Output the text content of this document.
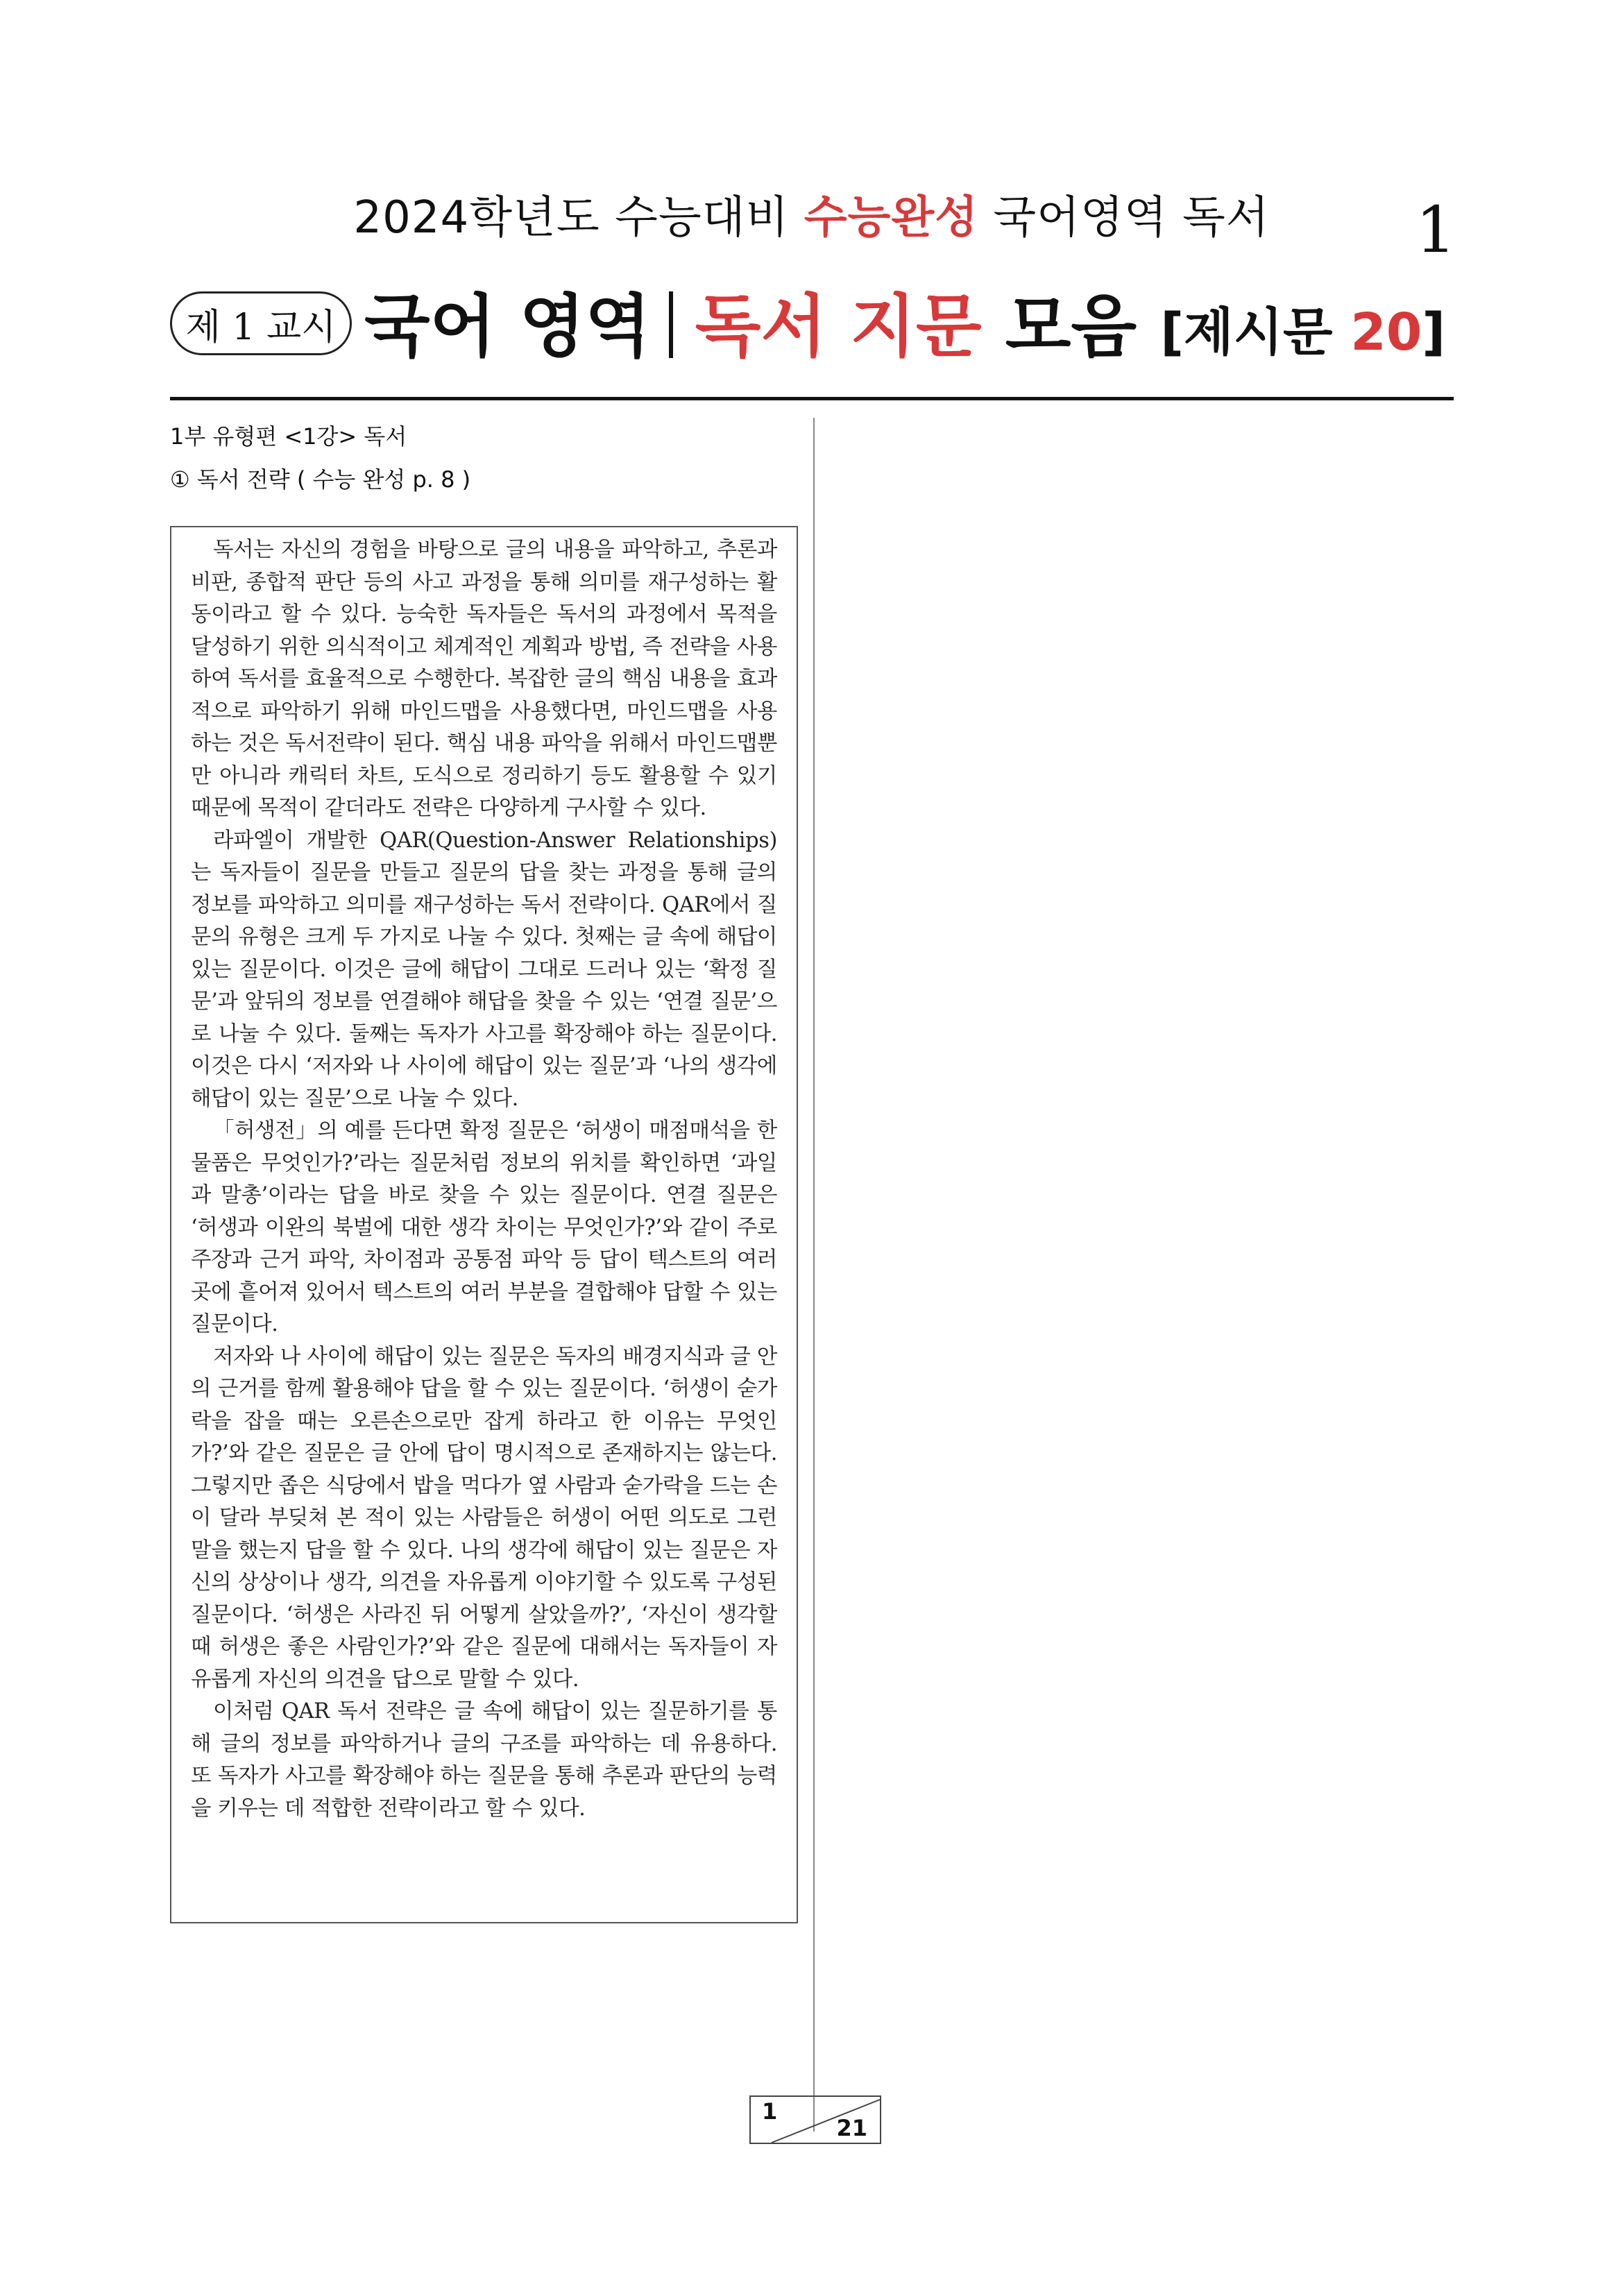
2024학년도 수능대비 수능완성 국어영역 독서	1
제 1 교시 국어 영역 독서 지문 모음 [제시문 20]
1부 유형편 <1강> 독서
① 독서 전략 ( 수능 완성 p. 8 )

독서는 자신의 경험을 바탕으로 글의 내용을 파악하고, 추론과 비판, 종합적 판단 등의 사고 과정을 통해 의미를 재구성하는 활동이라고 할 수 있다. 능숙한 독자들은 독서의 과정에서 목적을 달성하기 위한 의식적이고 체계적인 계획과 방법, 즉 전략을 사용하여 독서를 효율적으로 수행한다. 복잡한 글의 핵심 내용을 효과적으로 파악하기 위해 마인드맵을 사용했다면, 마인드맵을 사용하는 것은 독서전략이 된다. 핵심 내용 파악을 위해서 마인드맵뿐만 아니라 캐릭터 차트, 도식으로 정리하기 등도 활용할 수 있기 때문에 목적이 같더라도 전략은 다양하게 구사할 수 있다.

라파엘이 개발한 QAR(Question-Answer Relationships)는 독자들이 질문을 만들고 질문의 답을 찾는 과정을 통해 글의 정보를 파악하고 의미를 재구성하는 독서 전략이다. QAR에서 질문의 유형은 크게 두 가지로 나눌 수 있다. 첫째는 글 속에 해답이 있는 질문이다. 이것은 글에 해답이 그대로 드러나 있는 ‘확정 질문’과 앞뒤의 정보를 연결해야 해답을 찾을 수 있는 ‘연결 질문’으로 나눌 수 있다. 둘째는 독자가 사고를 확장해야 하는 질문이다. 이것은 다시 ‘저자와 나 사이에 해답이 있는 질문’과 ‘나의 생각에 해답이 있는 질문’으로 나눌 수 있다.

「허생전」의 예를 든다면 확정 질문은 ‘허생이 매점매석을 한 물품은 무엇인가?’라는 질문처럼 정보의 위치를 확인하면 ‘과일과 말총’이라는 답을 바로 찾을 수 있는 질문이다. 연결 질문은 ‘허생과 이완의 북벌에 대한 생각 차이는 무엇인가?’와 같이 주로 주장과 근거 파악, 차이점과 공통점 파악 등 답이 텍스트의 여러 곳에 흩어져 있어서 텍스트의 여러 부분을 결합해야 답할 수 있는 질문이다.

저자와 나 사이에 해답이 있는 질문은 독자의 배경지식과 글 안의 근거를 함께 활용해야 답을 할 수 있는 질문이다. ‘허생이 숟가락을 잡을 때는 오른손으로만 잡게 하라고 한 이유는 무엇인가?’와 같은 질문은 글 안에 답이 명시적으로 존재하지는 않는다. 그렇지만 좁은 식당에서 밥을 먹다가 옆 사람과 숟가락을 드는 손이 달라 부딪쳐 본 적이 있는 사람들은 허생이 어떤 의도로 그런 말을 했는지 답을 할 수 있다. 나의 생각에 해답이 있는 질문은 자신의 상상이나 생각, 의견을 자유롭게 이야기할 수 있도록 구성된 질문이다. ‘허생은 사라진 뒤 어떻게 살았을까?’, ‘자신이 생각할 때 허생은 좋은 사람인가?’와 같은 질문에 대해서는 독자들이 자유롭게 자신의 의견을 답으로 말할 수 있다.

이처럼 QAR 독서 전략은 글 속에 해답이 있는 질문하기를 통해 글의 정보를 파악하거나 글의 구조를 파악하는 데 유용하다. 또 독자가 사고를 확장해야 하는 질문을 통해 추론과 판단의 능력을 키우는 데 적합한 전략이라고 할 수 있다.

1
21
